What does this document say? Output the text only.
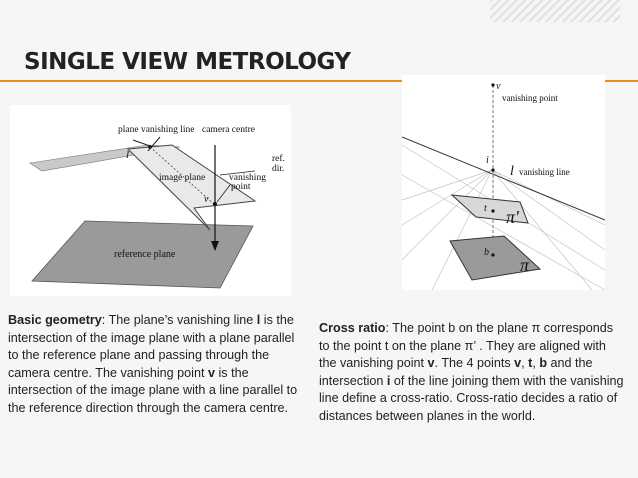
SINGLE VIEW METROLOGY
plane vanishing line camera centre
l
image plane	vanishing
point
v
ref.
dir.
reference plane
v
vanishing point
i
l vanishing line
t π'
b
π

Basic geometry: The plane’s vanishing line l is the intersection of the image plane with a plane parallel to the reference plane and passing through the camera centre. The vanishing point v is the intersection of the image plane with a line parallel to the reference direction through the camera centre.

Cross ratio: The point b on the plane π corresponds to the point t on the plane π’ . They are aligned with the vanishing point v. The 4 points v, t, b and the intersection i of the line joining them with the vanishing line define a cross-ratio. Cross-ratio decides a ratio of distances between planes in the world.
